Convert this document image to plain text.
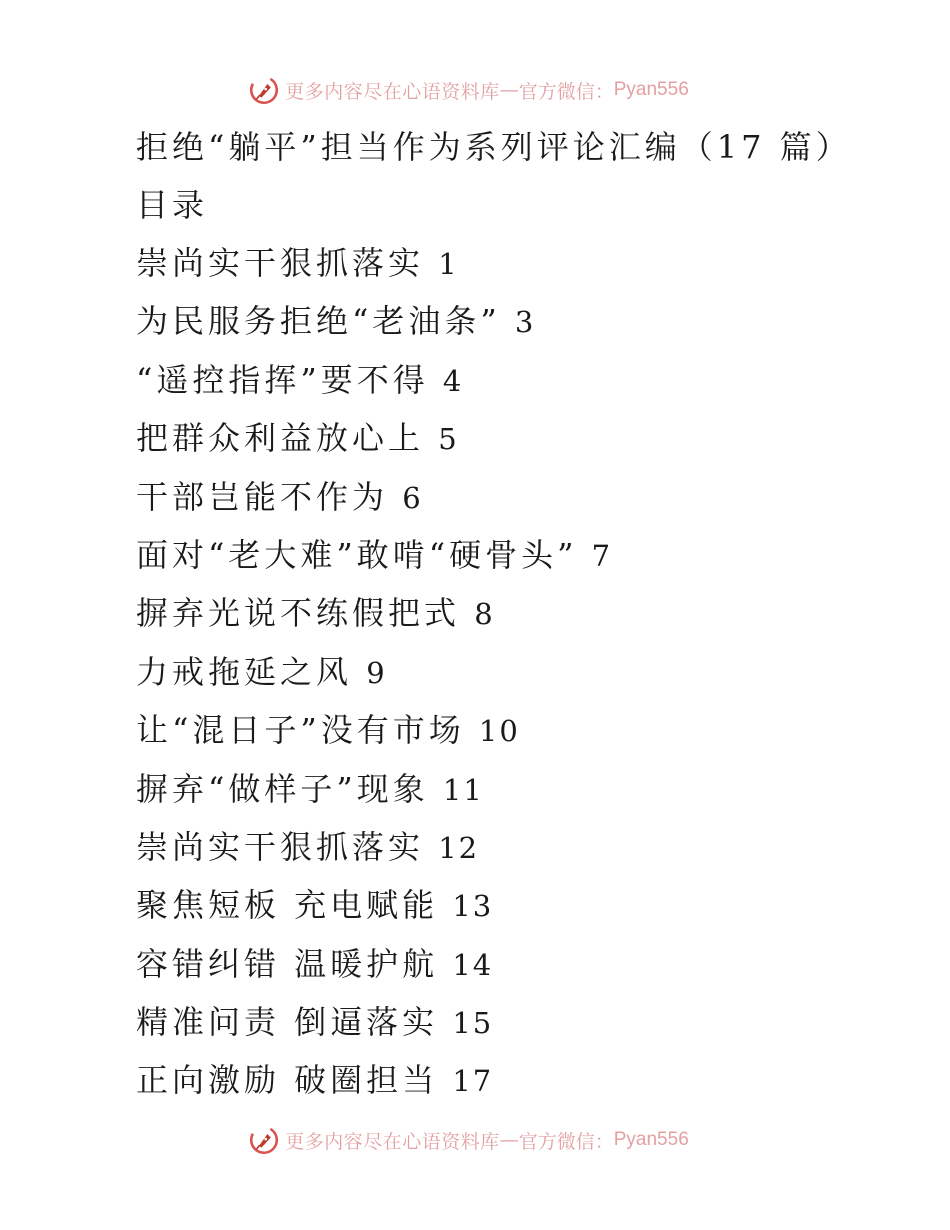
更多内容尽在心语资料库 — 官方微信： Pyan556
拒绝“躺平”担当作为系列评论汇编（17 篇）
目录
崇尚实干狠抓落实 1
为民服务拒绝“老油条” 3
“遥控指挥”要不得 4
把群众利益放心上 5
干部岂能不作为 6
面对“老大难”敢啃“硬骨头” 7
摒弃光说不练假把式 8
力戒拖延之风 9
让“混日子”没有市场 10
摒弃“做样子”现象 11
崇尚实干狠抓落实 12
聚焦短板 充电赋能 13
容错纠错 温暖护航 14
精准问责 倒逼落实 15
正向激励 破圈担当 17
更多内容尽在心语资料库 — 官方微信： Pyan556
